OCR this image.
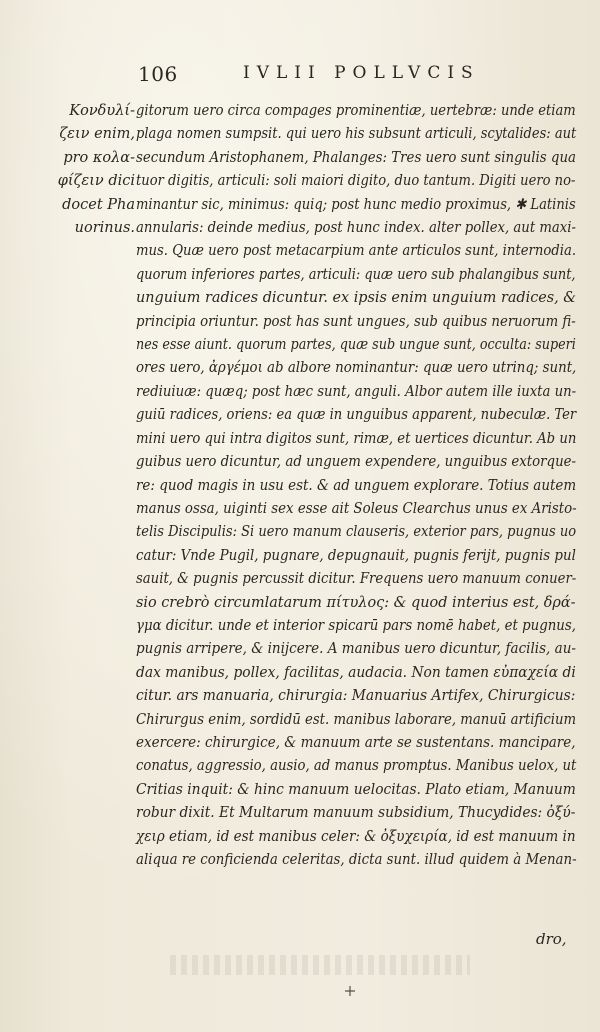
106	IVLII POLLVCIS
Κονδυλί-
ζειν enim,
pro κολα-
φίζειν dici
docet Pha
uorinus.
gitorum uero circa compages prominentiæ, uertebræ: unde etiam
plaga nomen sumpsit. qui uero his subsunt articuli, scytalides: aut
secundum Aristophanem, Phalanges: Tres uero sunt singulis qua
tuor digitis, articuli: soli maiori digito, duo tantum. Digiti uero no-
minantur sic, minimus: quiq; post hunc medio proximus, ✱ Latinis
annularis: deinde medius, post hunc index. alter pollex, aut maxi-
mus. Quæ uero post metacarpium ante articulos sunt, internodia.
quorum inferiores partes, articuli: quæ uero sub phalangibus sunt,
unguium radices dicuntur. ex ipsis enim unguium radices, &
principia oriuntur. post has sunt ungues, sub quibus neruorum fi-
nes esse aiunt. quorum partes, quæ sub ungue sunt, occulta: superi
ores uero, ἀργέμοι ab albore nominantur: quæ uero utrinq; sunt,
rediuiuæ: quæq; post hæc sunt, anguli. Albor autem ille iuxta un-
guiū radices, oriens: ea quæ in unguibus apparent, nubeculæ. Ter
mini uero qui intra digitos sunt, rimæ, et uertices dicuntur. Ab un
guibus uero dicuntur, ad unguem expendere, unguibus extorque-
re: quod magis in usu est. & ad unguem explorare. Totius autem
manus ossa, uiginti sex esse ait Soleus Clearchus unus ex Aristo-
telis Discipulis: Si uero manum clauseris, exterior pars, pugnus uo
catur: Vnde Pugil, pugnare, depugnauit, pugnis ferijt, pugnis pul
sauit, & pugnis percussit dicitur. Frequens uero manuum conuer-
sio crebrò circumlatarum πίτυλος: & quod interius est, δρά-
γμα dicitur. unde et interior spicarū pars nomē habet, et pugnus,
pugnis arripere, & inijcere. A manibus uero dicuntur, facilis, au-
dax manibus, pollex, facilitas, audacia. Non tamen εὐπαχεία di
citur. ars manuaria, chirurgia: Manuarius Artifex, Chirurgicus:
Chirurgus enim, sordidū est. manibus laborare, manuū artificium
exercere: chirurgice, & manuum arte se sustentans. mancipare,
conatus, aggressio, ausio, ad manus promptus. Manibus uelox, ut
Critias inquit: & hinc manuum uelocitas. Plato etiam, Manuum
robur dixit. Et Multarum manuum subsidium, Thucydides: ὀξύ-
χειρ etiam, id est manibus celer: & ὀξυχειρία, id est manuum in
aliqua re conficienda celeritas, dicta sunt. illud quidem à Menan-
dro,
